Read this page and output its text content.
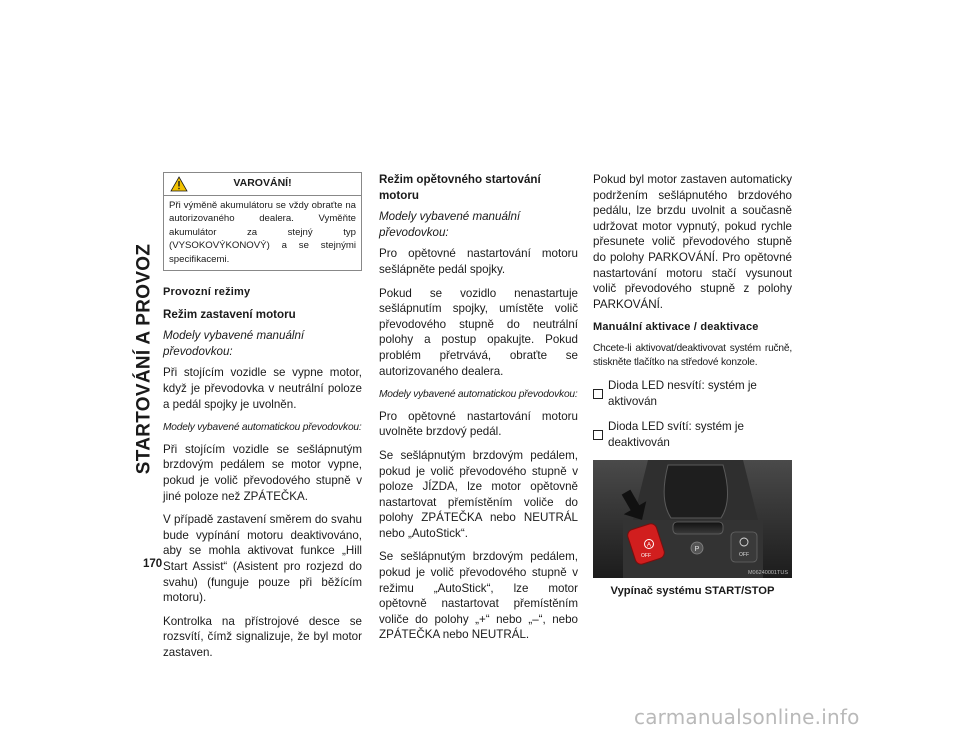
STARTOVÁNÍ A PROVOZ
170
VAROVÁNÍ!
Při výměně akumulátoru se vždy obraťte na autorizovaného dealera. Vyměňte akumulátor za stejný typ (VYSOKOVÝKONOVÝ) a se stejnými specifikacemi.
Provozní režimy
Režim zastavení motoru
Modely vybavené manuální převodovkou:

Při stojícím vozidle se vypne motor, když je převodovka v neutrální poloze a pedál spojky je uvolněn.

Modely vybavené automatickou převodovkou:

Při stojícím vozidle se sešlápnutým brzdovým pedálem se motor vypne, pokud je volič převodového stupně v jiné poloze než ZPÁTEČKA.

V případě zastavení směrem do svahu bude vypínání motoru deaktivováno, aby se mohla aktivovat funkce „Hill Start Assist“ (Asistent pro rozjezd do svahu) (funguje pouze při běžícím motoru).

Kontrolka na přístrojové desce se rozsvítí, čímž signalizuje, že byl motor zastaven.

Režim opětovného startování motoru
Modely vybavené manuální převodovkou:

Pro opětovné nastartování motoru sešlápněte pedál spojky.

Pokud se vozidlo nenastartuje sešlápnutím spojky, umístěte volič převodového stupně do neutrální polohy a postup opakujte. Pokud problém přetrvává, obraťte se autorizovaného dealera.

Modely vybavené automatickou převodovkou:

Pro opětovné nastartování motoru uvolněte brzdový pedál.

Se sešlápnutým brzdovým pedálem, pokud je volič převodového stupně v poloze JÍZDA, lze motor opětovně nastartovat přemístěním voliče do polohy ZPÁTEČKA nebo NEUTRÁL nebo „AutoStick“.

Se sešlápnutým brzdovým pedálem, pokud je volič převodového stupně v režimu „AutoStick“, lze motor opětovně nastartovat přemístěním voliče do polohy „+“ nebo „–“, nebo ZPÁTEČKA nebo NEUTRÁL.

Pokud byl motor zastaven automaticky podržením sešlápnutého brzdového pedálu, lze brzdu uvolnit a současně udržovat motor vypnutý, pokud rychle přesunete volič převodového stupně do polohy PARKOVÁNÍ. Pro opětovné nastartování motoru stačí vysunout volič převodového stupně z polohy PARKOVÁNÍ.

Manuální aktivace / deaktivace

Chcete-li aktivovat/deaktivovat systém ručně, stiskněte tlačítko na středové konzole.

Dioda LED nesvítí: systém je aktivován
Dioda LED svítí: systém je deaktivován
A
OFF
P
OFF
M06240001TUS
Vypínač systému START/STOP
carmanualsonline.info
